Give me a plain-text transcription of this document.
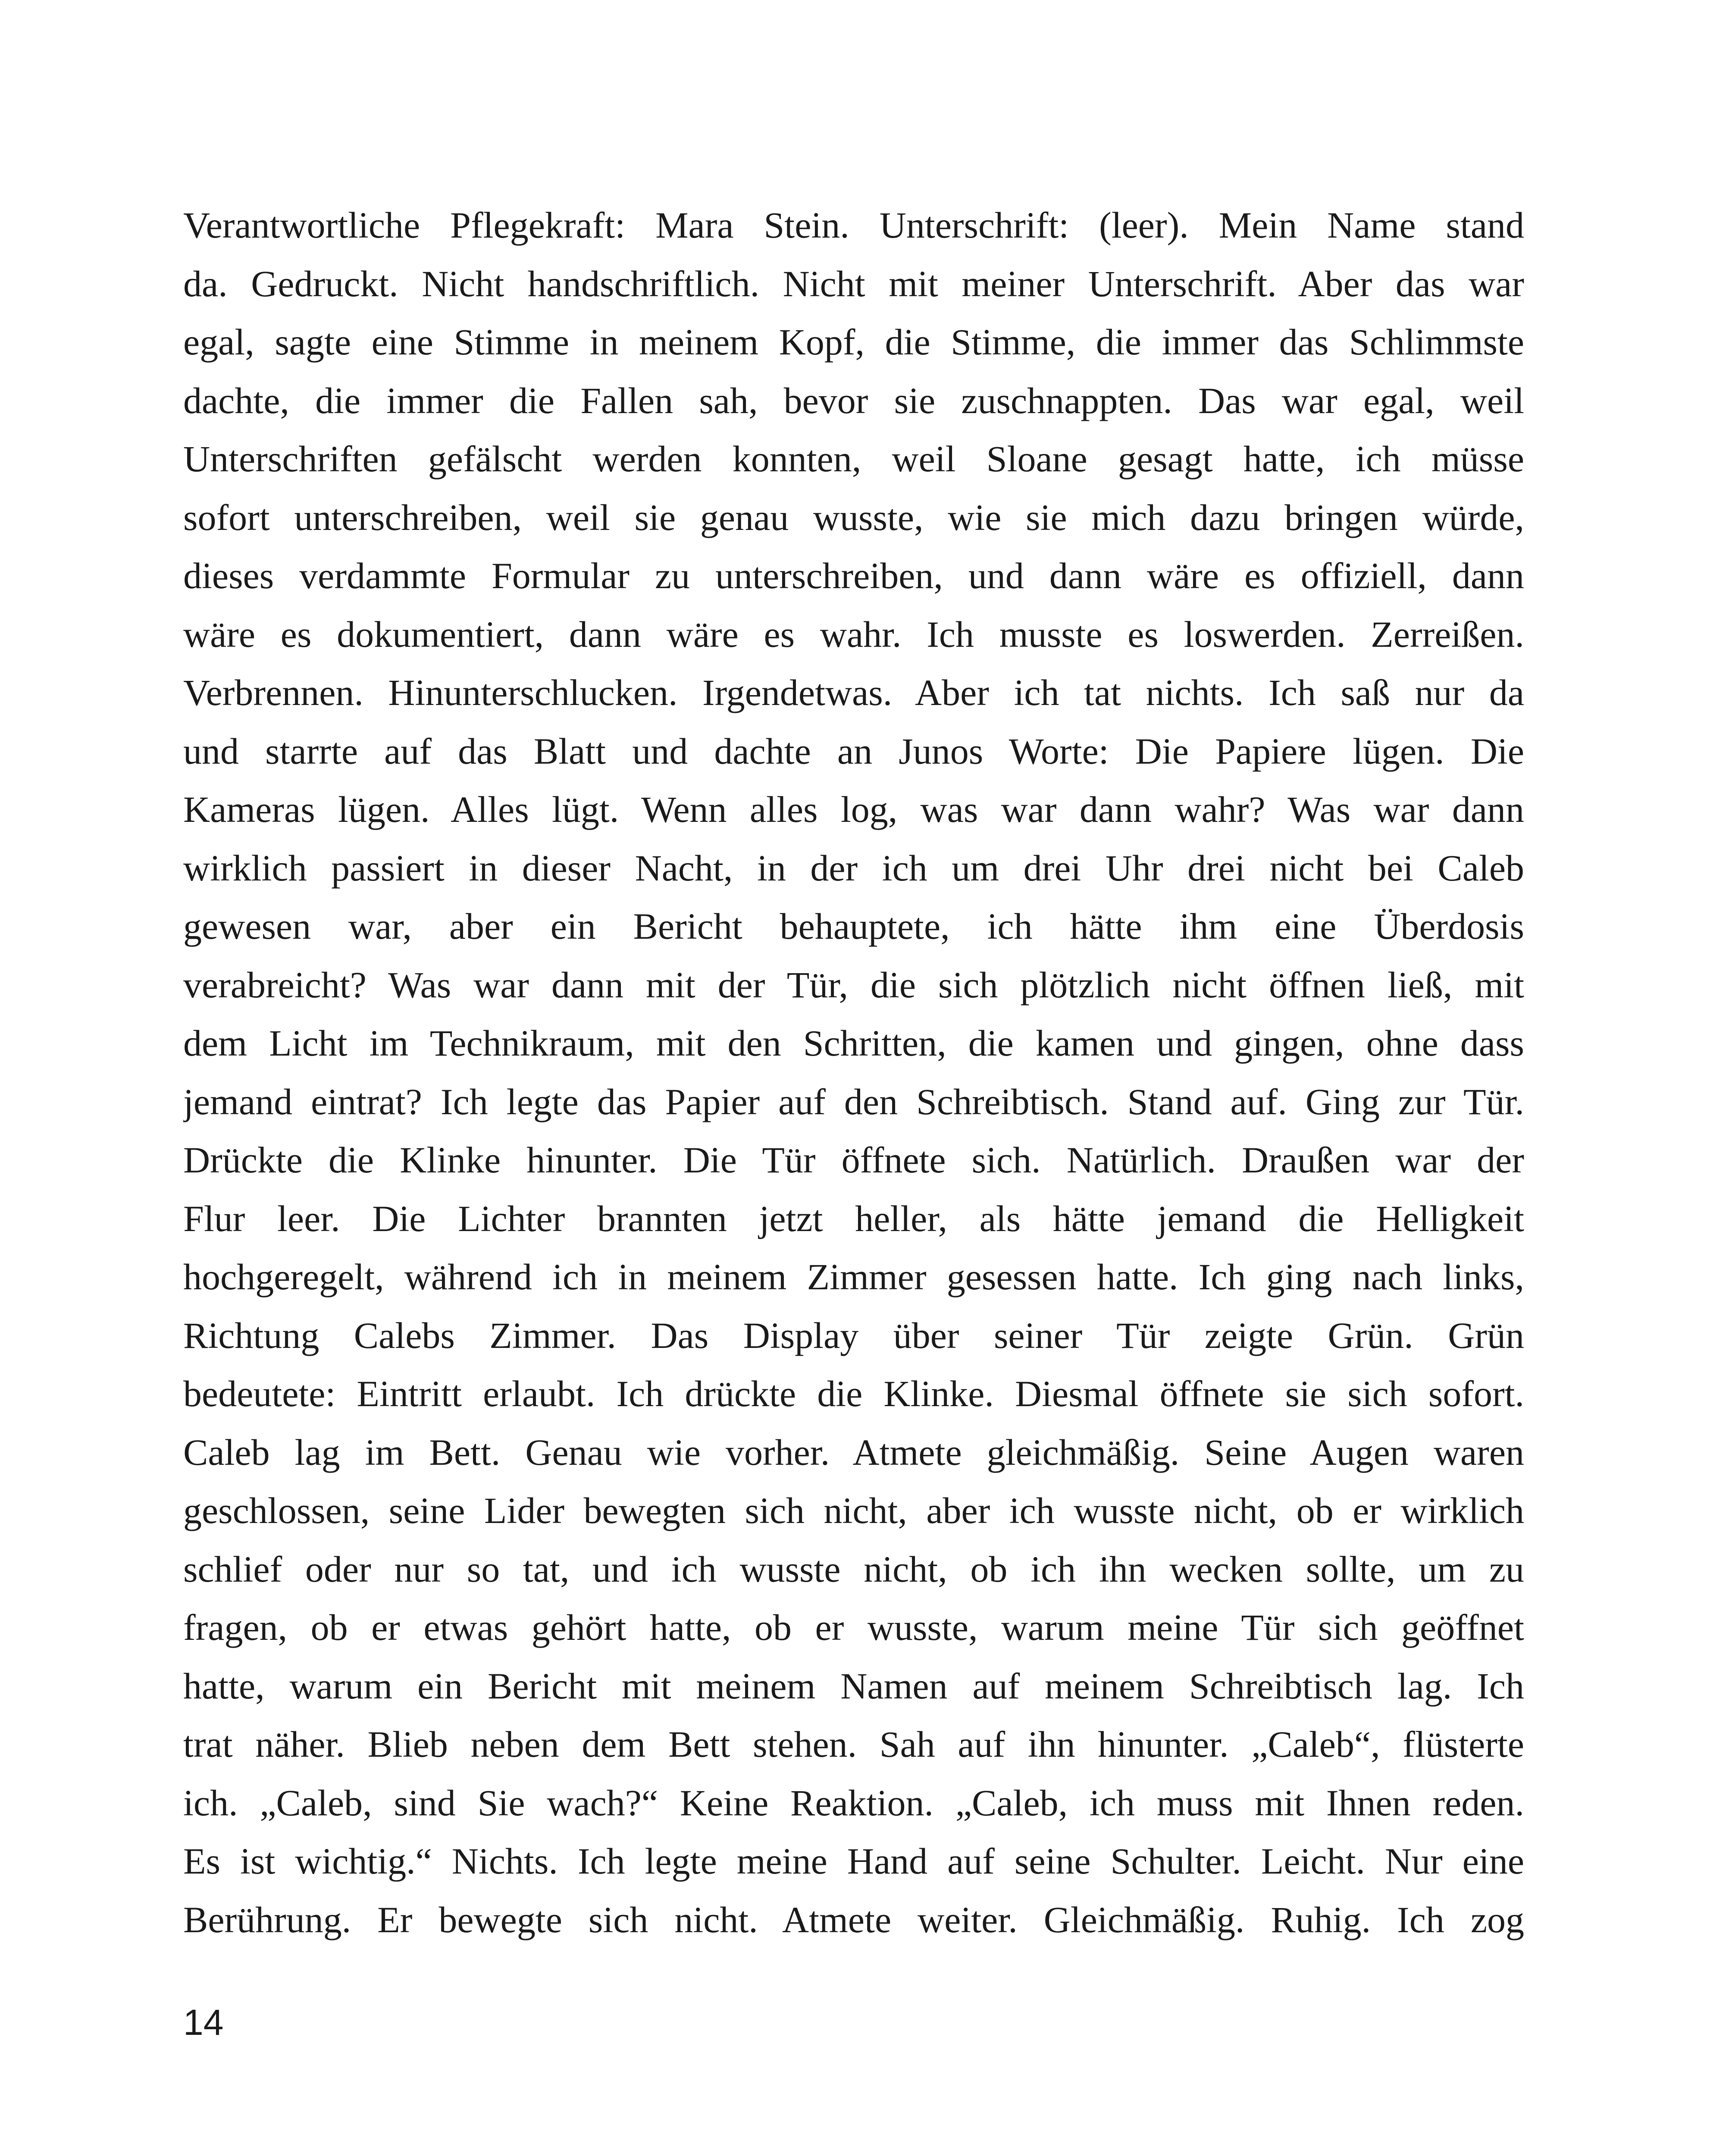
Verantwortliche Pflegekraft: Mara Stein. Unterschrift: (leer). Mein Name stand
da. Gedruckt. Nicht handschriftlich. Nicht mit meiner Unterschrift. Aber das war
egal, sagte eine Stimme in meinem Kopf, die Stimme, die immer das Schlimmste
dachte, die immer die Fallen sah, bevor sie zuschnappten. Das war egal, weil
Unterschriften gefälscht werden konnten, weil Sloane gesagt hatte, ich müsse
sofort unterschreiben, weil sie genau wusste, wie sie mich dazu bringen würde,
dieses verdammte Formular zu unterschreiben, und dann wäre es offiziell, dann
wäre es dokumentiert, dann wäre es wahr. Ich musste es loswerden. Zerreißen.
Verbrennen. Hinunterschlucken. Irgendetwas. Aber ich tat nichts. Ich saß nur da
und starrte auf das Blatt und dachte an Junos Worte: Die Papiere lügen. Die
Kameras lügen. Alles lügt. Wenn alles log, was war dann wahr? Was war dann
wirklich passiert in dieser Nacht, in der ich um drei Uhr drei nicht bei Caleb
gewesen war, aber ein Bericht behauptete, ich hätte ihm eine Überdosis
verabreicht? Was war dann mit der Tür, die sich plötzlich nicht öffnen ließ, mit
dem Licht im Technikraum, mit den Schritten, die kamen und gingen, ohne dass
jemand eintrat? Ich legte das Papier auf den Schreibtisch. Stand auf. Ging zur Tür.
Drückte die Klinke hinunter. Die Tür öffnete sich. Natürlich. Draußen war der
Flur leer. Die Lichter brannten jetzt heller, als hätte jemand die Helligkeit
hochgeregelt, während ich in meinem Zimmer gesessen hatte. Ich ging nach links,
Richtung Calebs Zimmer. Das Display über seiner Tür zeigte Grün. Grün
bedeutete: Eintritt erlaubt. Ich drückte die Klinke. Diesmal öffnete sie sich sofort.
Caleb lag im Bett. Genau wie vorher. Atmete gleichmäßig. Seine Augen waren
geschlossen, seine Lider bewegten sich nicht, aber ich wusste nicht, ob er wirklich
schlief oder nur so tat, und ich wusste nicht, ob ich ihn wecken sollte, um zu
fragen, ob er etwas gehört hatte, ob er wusste, warum meine Tür sich geöffnet
hatte, warum ein Bericht mit meinem Namen auf meinem Schreibtisch lag. Ich
trat näher. Blieb neben dem Bett stehen. Sah auf ihn hinunter. „Caleb“, flüsterte
ich. „Caleb, sind Sie wach?“ Keine Reaktion. „Caleb, ich muss mit Ihnen reden.
Es ist wichtig.“ Nichts. Ich legte meine Hand auf seine Schulter. Leicht. Nur eine
Berührung. Er bewegte sich nicht. Atmete weiter. Gleichmäßig. Ruhig. Ich zog
14
